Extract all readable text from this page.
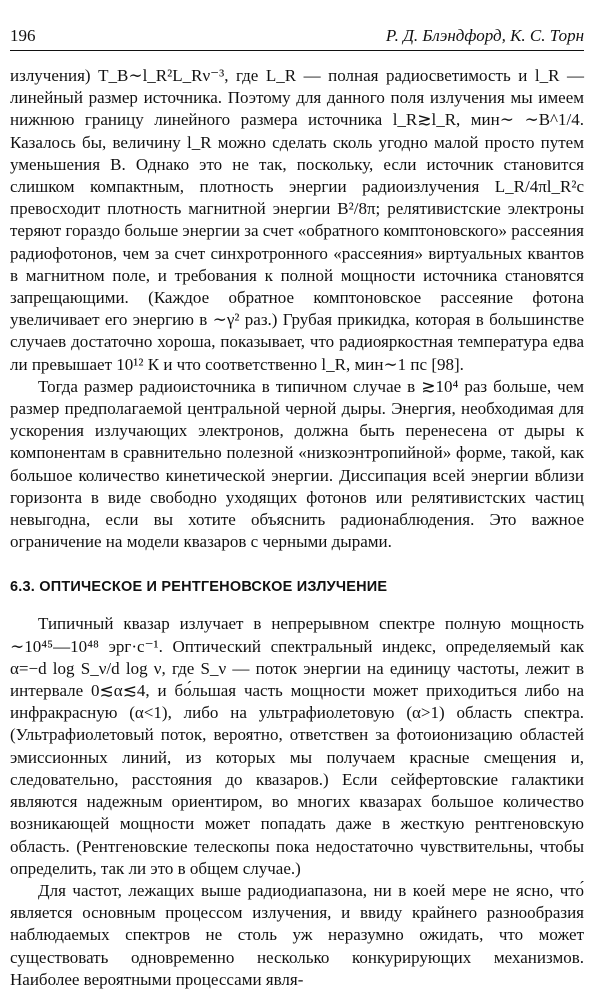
196	Р. Д. Блэндфорд, К. С. Торн

излучения) T_B∼l_R²L_Rν⁻³, где L_R — полная радиосветимость и l_R — линейный размер источника. Поэтому для данного поля излучения мы имеем нижнюю границу линейного размера источника l_R≳l_R, мин∼ ∼B^1/4. Казалось бы, величину l_R можно сделать сколь угодно малой просто путем уменьшения B. Однако это не так, поскольку, если источник становится слишком компактным, плотность энергии радиоизлучения L_R/4πl_R²c превосходит плотность магнитной энергии B²/8π; релятивистские электроны теряют гораздо больше энергии за счет «обратного комптоновского» рассеяния радиофотонов, чем за счет синхротронного «рассеяния» виртуальных квантов в магнитном поле, и требования к полной мощности источника становятся запрещающими. (Каждое обратное комптоновское рассеяние фотона увеличивает его энергию в ∼γ² раз.) Грубая прикидка, которая в большинстве случаев достаточно хороша, показывает, что радиояркостная температура едва ли превышает 10¹² К и что соответственно l_R, мин∼1 пс [98].

Тогда размер радиоисточника в типичном случае в ≳10⁴ раз больше, чем размер предполагаемой центральной черной дыры. Энергия, необходимая для ускорения излучающих электронов, должна быть перенесена от дыры к компонентам в сравнительно полезной «низкоэнтропийной» форме, такой, как большое количество кинетической энергии. Диссипация всей энергии вблизи горизонта в виде свободно уходящих фотонов или релятивистских частиц невыгодна, если вы хотите объяснить радионаблюдения. Это важное ограничение на модели квазаров с черными дырами.

6.3. ОПТИЧЕСКОЕ И РЕНТГЕНОВСКОЕ ИЗЛУЧЕНИЕ

Типичный квазар излучает в непрерывном спектре полную мощность ∼10⁴⁵—10⁴⁸ эрг·с⁻¹. Оптический спектральный индекс, определяемый как α=−d log S_ν/d log ν, где S_ν — поток энергии на единицу частоты, лежит в интервале 0≲α≲4, и бо́льшая часть мощности может приходиться либо на инфракрасную (α<1), либо на ультрафиолетовую (α>1) область спектра. (Ультрафиолетовый поток, вероятно, ответствен за фотоионизацию областей эмиссионных линий, из которых мы получаем красные смещения и, следовательно, расстояния до квазаров.) Если сейфертовские галактики являются надежным ориентиром, во многих квазарах большое количество возникающей мощности может попадать даже в жесткую рентгеновскую область. (Рентгеновские телескопы пока недостаточно чувствительны, чтобы определить, так ли это в общем случае.)

Для частот, лежащих выше радиодиапазона, ни в коей мере не ясно, что́ является основным процессом излучения, и ввиду крайнего разнообразия наблюдаемых спектров не столь уж неразумно ожидать, что может существовать одновременно несколько конкурирующих механизмов. Наиболее вероятными процессами явля-
